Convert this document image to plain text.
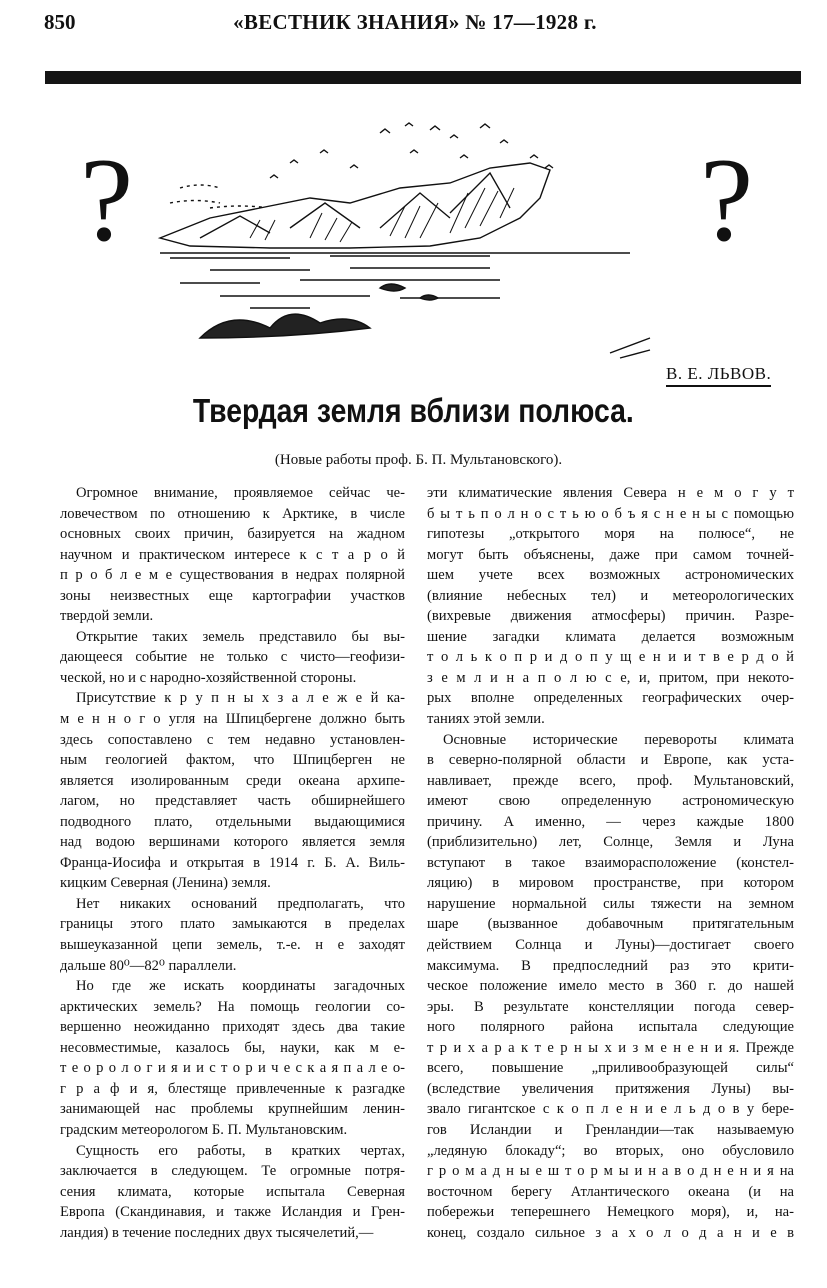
850	«ВЕСТНИК ЗНАНИЯ» № 17—1928 г.
?	?
В. Е. ЛЬВОВ.
Твердая земля вблизи полюса.
(Новые работы проф. Б. П. Мультановского).
Огромное внимание, проявляемое сейчас че-
ловечеством по отношению к Арктике, в числе
основных своих причин, базируется на жадном
научном и практическом интересе к с т а р о й
п р о б л е м е существования в недрах полярной
зоны неизвестных еще картографии участков
твердой земли.
Открытие таких земель представило бы вы-
дающееся событие не только с чисто—геофизи-
ческой, но и с народно-хозяйственной стороны.
Присутствие к р у п н ы х з а л е ж е й ка-
м е н н о г о угля на Шпицбергене должно быть
здесь сопоставлено с тем недавно установлен-
ным геологией фактом, что Шпицберген не
является изолированным среди океана архипе-
лагом, но представляет часть обширнейшего
подводного плато, отдельными выдающимися
над водою вершинами которого является земля
Франца-Иосифа и открытая в 1914 г. Б. А. Виль-
кицким Северная (Ленина) земля.
Нет никаких оснований предполагать, что
границы этого плато замыкаются в пределах
вышеуказанной цепи земель, т.-е. н е заходят
дальше 80⁰—82⁰ параллели.
Но где же искать координаты загадочных
арктических земель? На помощь геологии со-
вершенно неожиданно приходят здесь два такие
несовместимые, казалось бы, науки, как м е-
т е о р о л о г и я и и с т о р и ч е с к а я п а л е о-
г р а ф и я, блестяще привлеченные к разгадке
занимающей нас проблемы крупнейшим ленин-
градским метеорологом Б. П. Мультановским.
Сущность его работы, в кратких чертах,
заключается в следующем. Те огромные потря-
сения климата, которые испытала Северная
Европа (Скандинавия, и также Исландия и Грен-
ландия) в течение последних двух тысячелетий,—
эти климатические явления Севера н е м о г у т
б ы т ь п о л н о с т ь ю о б ъ я с н е н ы с помощью
гипотезы „открытого моря на полюсе“, не
могут быть объяснены, даже при самом точней-
шем учете всех возможных астрономических
(влияние небесных тел) и метеорологических
(вихревые движения атмосферы) причин. Разре-
шение загадки климата делается возможным
т о л ь к о п р и д о п у щ е н и и т в е р д о й
з е м л и н а п о л ю с е, и, притом, при некото-
рых вполне определенных географических очер-
таниях этой земли.
Основные исторические перевороты климата
в северно-полярной области и Европе, как уста-
навливает, прежде всего, проф. Мультановский,
имеют свою определенную астрономическую
причину. А именно, — через каждые 1800
(приблизительно) лет, Солнце, Земля и Луна
вступают в такое взаиморасположение (констел-
ляцию) в мировом пространстве, при котором
нарушение нормальной силы тяжести на земном
шаре (вызванное добавочным притягательным
действием Солнца и Луны)—достигает своего
максимума. В предпоследний раз это крити-
ческое положение имело место в 360 г. до нашей
эры. В результате констелляции погода север-
ного полярного района испытала следующие
т р и х а р а к т е р н ы х и з м е н е н и я. Прежде
всего, повышение „приливообразующей силы“
(вследствие увеличения притяжения Луны) вы-
звало гигантское с к о п л е н и е л ь д о в у бере-
гов Исландии и Гренландии—так называемую
„ледяную блокаду“; во вторых, оно обусловило
г р о м а д н ы е ш т о р м ы и н а в о д н е н и я на
восточном берегу Атлантического океана (и на
побережьи теперешнего Немецкого моря), и, на-
конец, создало сильное з а х о л о д а н и е в
